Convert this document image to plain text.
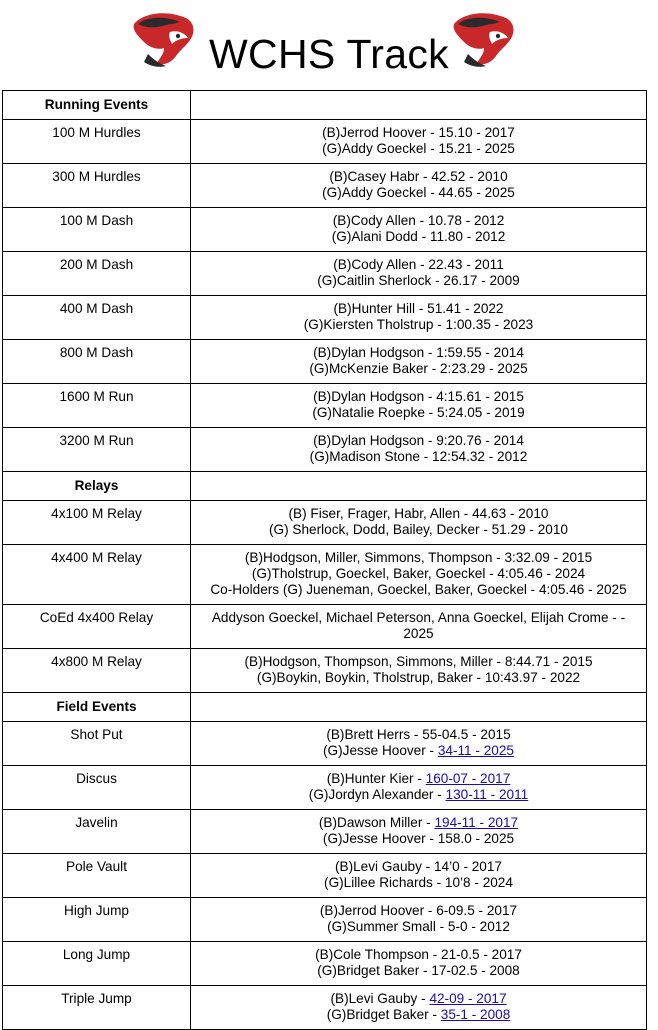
WCHS Track
Running Events	
100 M Hurdles	(B)Jerrod Hoover - 15.10 - 2017
(G)Addy Goeckel - 15.21 - 2025

300 M Hurdles	(B)Casey Habr - 42.52 - 2010
(G)Addy Goeckel - 44.65 - 2025

100 M Dash	(B)Cody Allen - 10.78 - 2012
(G)Alani Dodd - 11.80 - 2012

200 M Dash	(B)Cody Allen - 22.43 - 2011
(G)Caitlin Sherlock - 26.17 - 2009

400 M Dash	(B)Hunter Hill - 51.41 - 2022
(G)Kiersten Tholstrup - 1:00.35 - 2023

800 M Dash	(B)Dylan Hodgson - 1:59.55 - 2014
(G)McKenzie Baker - 2:23.29 - 2025

1600 M Run	(B)Dylan Hodgson - 4:15.61 - 2015
(G)Natalie Roepke - 5:24.05 - 2019

3200 M Run	(B)Dylan Hodgson - 9:20.76 - 2014
(G)Madison Stone - 12:54.32 - 2012

Relays	
4x100 M Relay	(B) Fiser, Frager, Habr, Allen - 44.63 - 2010
(G) Sherlock, Dodd, Bailey, Decker - 51.29 - 2010

4x400 M Relay	(B)Hodgson, Miller, Simmons, Thompson - 3:32.09 - 2015
(G)Tholstrup, Goeckel, Baker, Goeckel - 4:05.46 - 2024
Co-Holders (G) Jueneman, Goeckel, Baker, Goeckel - 4:05.46 - 2025

CoEd 4x400 Relay	Addyson Goeckel, Michael Peterson, Anna Goeckel, Elijah Crome - -
2025

4x800 M Relay	(B)Hodgson, Thompson, Simmons, Miller - 8:44.71 - 2015
(G)Boykin, Boykin, Tholstrup, Baker - 10:43.97 - 2022

Field Events	
Shot Put	(B)Brett Herrs - 55-04.5 - 2015
(G)Jesse Hoover - 34-11 - 2025

Discus	(B)Hunter Kier - 160-07 - 2017
(G)Jordyn Alexander - 130-11 - 2011

Javelin	(B)Dawson Miller - 194-11 - 2017
(G)Jesse Hoover - 158.0 - 2025

Pole Vault	(B)Levi Gauby - 14’0 - 2017
(G)Lillee Richards - 10’8 - 2024

High Jump	(B)Jerrod Hoover - 6-09.5 - 2017
(G)Summer Small - 5-0 - 2012

Long Jump	(B)Cole Thompson - 21-0.5 - 2017
(G)Bridget Baker - 17-02.5 - 2008

Triple Jump	(B)Levi Gauby - 42-09 - 2017
(G)Bridget Baker - 35-1 - 2008
